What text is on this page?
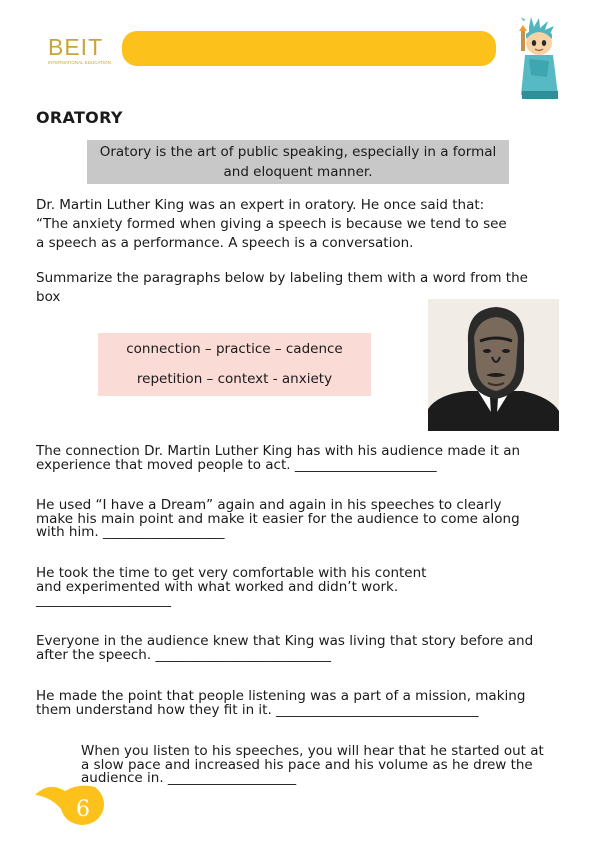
BEIT
INTERNATIONAL EDUCATION
ORATORY
Oratory is the art of public speaking, especially in a formal
and eloquent manner.
Dr. Martin Luther King was an expert in oratory. He once said that:
“The anxiety formed when giving a speech is because we tend to see
a speech as a performance. A speech is a conversation.
Summarize the paragraphs below by labeling them with a word from the
box
connection – practice – cadence
repetition – context - anxiety
The connection Dr. Martin Luther King has with his audience made it an
experience that moved people to act. _____________________
He used “I have a Dream” again and again in his speeches to clearly
make his main point and make it easier for the audience to come along
with him. __________________
He took the time to get very comfortable with his content
and experimented with what worked and didn’t work.
____________________
Everyone in the audience knew that King was living that story before and
after the speech. __________________________
He made the point that people listening was a part of a mission, making
them understand how they fit in it. ______________________________
When you listen to his speeches, you will hear that he started out at
a slow pace and increased his pace and his volume as he drew the
audience in. ___________________
6
